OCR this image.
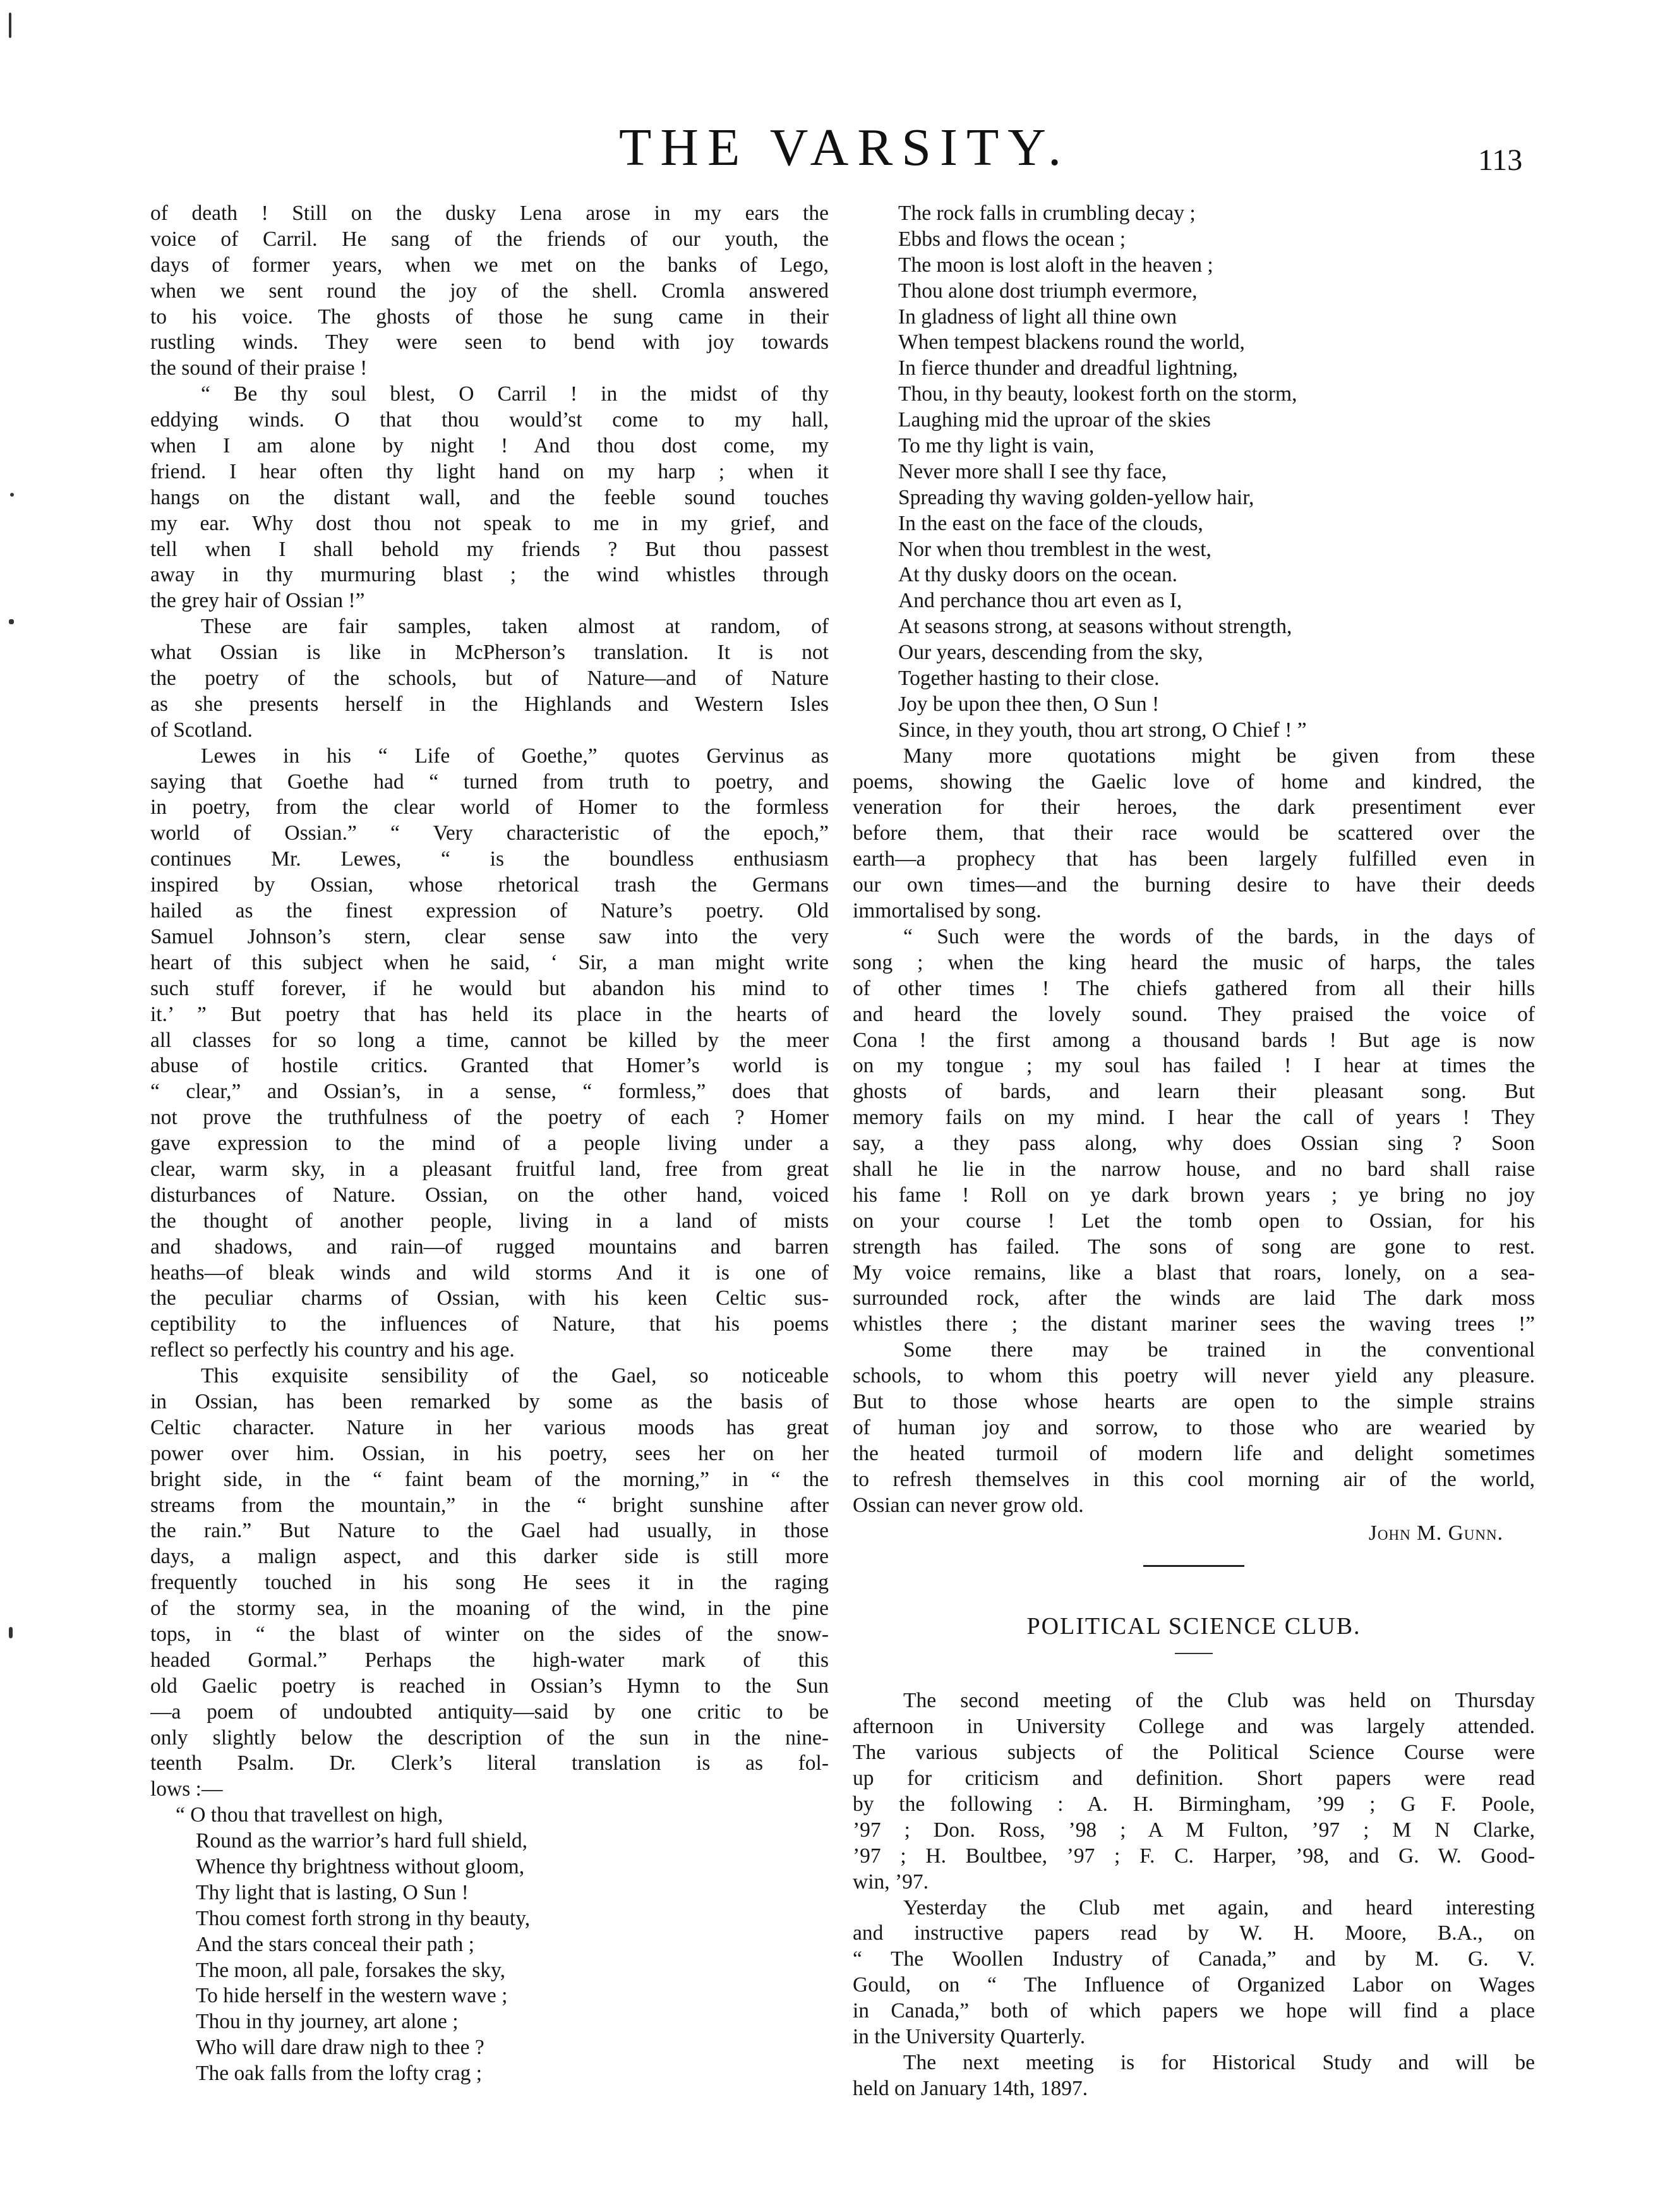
THE VARSITY.	113
of death ! Still on the dusky Lena arose in my ears the
voice of Carril. He sang of the friends of our youth, the
days of former years, when we met on the banks of Lego,
when we sent round the joy of the shell. Cromla answered
to his voice. The ghosts of those he sung came in their
rustling winds. They were seen to bend with joy towards
the sound of their praise !
“ Be thy soul blest, O Carril ! in the midst of thy
eddying winds. O that thou would’st come to my hall,
when I am alone by night ! And thou dost come, my
friend. I hear often thy light hand on my harp ; when it
hangs on the distant wall, and the feeble sound touches
my ear. Why dost thou not speak to me in my grief, and
tell when I shall behold my friends ? But thou passest
away in thy murmuring blast ; the wind whistles through
the grey hair of Ossian !”
These are fair samples, taken almost at random, of
what Ossian is like in McPherson’s translation. It is not
the poetry of the schools, but of Nature—and of Nature
as she presents herself in the Highlands and Western Isles
of Scotland.
Lewes in his “ Life of Goethe,” quotes Gervinus as
saying that Goethe had “ turned from truth to poetry, and
in poetry, from the clear world of Homer to the formless
world of Ossian.” “ Very characteristic of the epoch,”
continues Mr. Lewes, “ is the boundless enthusiasm
inspired by Ossian, whose rhetorical trash the Germans
hailed as the finest expression of Nature’s poetry. Old
Samuel Johnson’s stern, clear sense saw into the very
heart of this subject when he said, ‘ Sir, a man might write
such stuff forever, if he would but abandon his mind to
it.’ ” But poetry that has held its place in the hearts of
all classes for so long a time, cannot be killed by the meer
abuse of hostile critics. Granted that Homer’s world is
“ clear,” and Ossian’s, in a sense, “ formless,” does that
not prove the truthfulness of the poetry of each ? Homer
gave expression to the mind of a people living under a
clear, warm sky, in a pleasant fruitful land, free from great
disturbances of Nature. Ossian, on the other hand, voiced
the thought of another people, living in a land of mists
and shadows, and rain—of rugged mountains and barren
heaths—of bleak winds and wild storms And it is one of
the peculiar charms of Ossian, with his keen Celtic sus-
ceptibility to the influences of Nature, that his poems
reflect so perfectly his country and his age.
This exquisite sensibility of the Gael, so noticeable
in Ossian, has been remarked by some as the basis of
Celtic character. Nature in her various moods has great
power over him. Ossian, in his poetry, sees her on her
bright side, in the “ faint beam of the morning,” in “ the
streams from the mountain,” in the “ bright sunshine after
the rain.” But Nature to the Gael had usually, in those
days, a malign aspect, and this darker side is still more
frequently touched in his song He sees it in the raging
of the stormy sea, in the moaning of the wind, in the pine
tops, in “ the blast of winter on the sides of the snow-
headed Gormal.” Perhaps the high-water mark of this
old Gaelic poetry is reached in Ossian’s Hymn to the Sun
—a poem of undoubted antiquity—said by one critic to be
only slightly below the description of the sun in the nine-
teenth Psalm. Dr. Clerk’s literal translation is as fol-
lows :—
“ O thou that travellest on high,
Round as the warrior’s hard full shield,
Whence thy brightness without gloom,
Thy light that is lasting, O Sun !
Thou comest forth strong in thy beauty,
And the stars conceal their path ;
The moon, all pale, forsakes the sky,
To hide herself in the western wave ;
Thou in thy journey, art alone ;
Who will dare draw nigh to thee ?
The oak falls from the lofty crag ;
The rock falls in crumbling decay ;
Ebbs and flows the ocean ;
The moon is lost aloft in the heaven ;
Thou alone dost triumph evermore,
In gladness of light all thine own
When tempest blackens round the world,
In fierce thunder and dreadful lightning,
Thou, in thy beauty, lookest forth on the storm,
Laughing mid the uproar of the skies
To me thy light is vain,
Never more shall I see thy face,
Spreading thy waving golden-yellow hair,
In the east on the face of the clouds,
Nor when thou tremblest in the west,
At thy dusky doors on the ocean.
And perchance thou art even as I,
At seasons strong, at seasons without strength,
Our years, descending from the sky,
Together hasting to their close.
Joy be upon thee then, O Sun !
Since, in they youth, thou art strong, O Chief ! ”
Many more quotations might be given from these
poems, showing the Gaelic love of home and kindred, the
veneration for their heroes, the dark presentiment ever
before them, that their race would be scattered over the
earth—a prophecy that has been largely fulfilled even in
our own times—and the burning desire to have their deeds
immortalised by song.
“ Such were the words of the bards, in the days of
song ; when the king heard the music of harps, the tales
of other times ! The chiefs gathered from all their hills
and heard the lovely sound. They praised the voice of
Cona ! the first among a thousand bards ! But age is now
on my tongue ; my soul has failed ! I hear at times the
ghosts of bards, and learn their pleasant song. But
memory fails on my mind. I hear the call of years ! They
say, a they pass along, why does Ossian sing ? Soon
shall he lie in the narrow house, and no bard shall raise
his fame ! Roll on ye dark brown years ; ye bring no joy
on your course ! Let the tomb open to Ossian, for his
strength has failed. The sons of song are gone to rest.
My voice remains, like a blast that roars, lonely, on a sea-
surrounded rock, after the winds are laid The dark moss
whistles there ; the distant mariner sees the waving trees !”
Some there may be trained in the conventional
schools, to whom this poetry will never yield any pleasure.
But to those whose hearts are open to the simple strains
of human joy and sorrow, to those who are wearied by
the heated turmoil of modern life and delight sometimes
to refresh themselves in this cool morning air of the world,
Ossian can never grow old.
John M. Gunn.
POLITICAL SCIENCE CLUB.
The second meeting of the Club was held on Thursday
afternoon in University College and was largely attended.
The various subjects of the Political Science Course were
up for criticism and definition. Short papers were read
by the following : A. H. Birmingham, ’99 ; G F. Poole,
’97 ; Don. Ross, ’98 ; A M Fulton, ’97 ; M N Clarke,
’97 ; H. Boultbee, ’97 ; F. C. Harper, ’98, and G. W. Good-
win, ’97.
Yesterday the Club met again, and heard interesting
and instructive papers read by W. H. Moore, B.A., on
“ The Woollen Industry of Canada,” and by M. G. V.
Gould, on “ The Influence of Organized Labor on Wages
in Canada,” both of which papers we hope will find a place
in the University Quarterly.
The next meeting is for Historical Study and will be
held on January 14th, 1897.
